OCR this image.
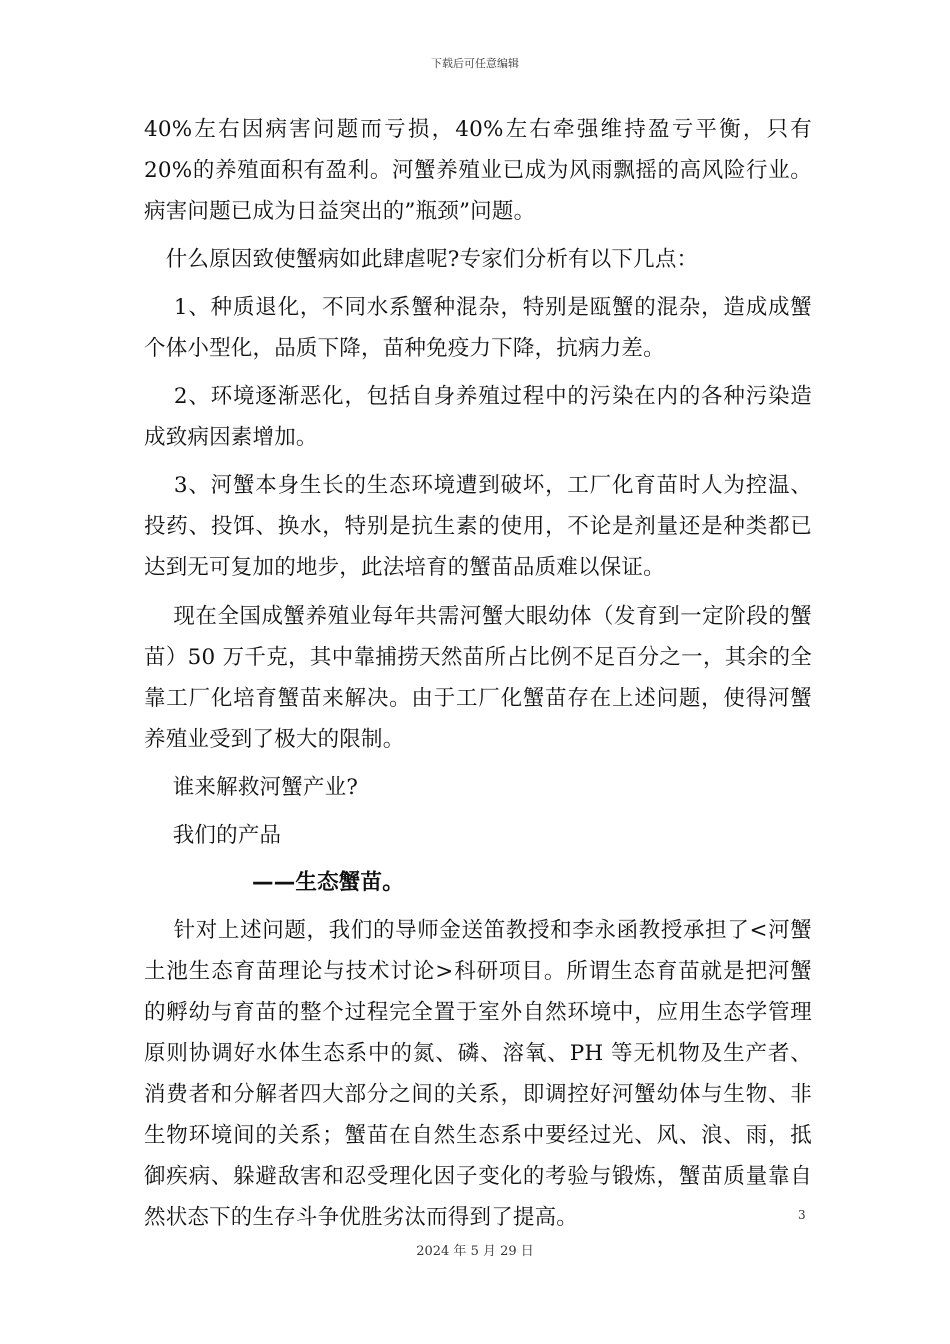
下载后可任意编辑

40%左右因病害问题而亏损，40%左右牵强维持盈亏平衡，只有 20%的养殖面积有盈利。河蟹养殖业已成为风雨飘摇的高风险行业。病害问题已成为日益突出的”瓶颈”问题。

　什么原因致使蟹病如此肆虐呢?专家们分析有以下几点：

　 1、种质退化，不同水系蟹种混杂，特别是瓯蟹的混杂，造成成蟹个体小型化，品质下降，苗种免疫力下降，抗病力差。

　 2、环境逐渐恶化，包括自身养殖过程中的污染在内的各种污染造成致病因素增加。

　 3、河蟹本身生长的生态环境遭到破坏，工厂化育苗时人为控温、投药、投饵、换水，特别是抗生素的使用，不论是剂量还是种类都已达到无可复加的地步，此法培育的蟹苗品质难以保证。

　 现在全国成蟹养殖业每年共需河蟹大眼幼体（发育到一定阶段的蟹苗）50 万千克，其中靠捕捞天然苗所占比例不足百分之一，其余的全靠工厂化培育蟹苗来解决。由于工厂化蟹苗存在上述问题，使得河蟹养殖业受到了极大的限制。

　 谁来解救河蟹产业?

　 我们的产品

——生态蟹苗。

　 针对上述问题，我们的导师金送笛教授和李永函教授承担了<河蟹土池生态育苗理论与技术讨论>科研项目。所谓生态育苗就是把河蟹的孵幼与育苗的整个过程完全置于室外自然环境中，应用生态学管理原则协调好水体生态系中的氮、磷、溶氧、PH 等无机物及生产者、消费者和分解者四大部分之间的关系，即调控好河蟹幼体与生物、非生物环境间的关系；蟹苗在自然生态系中要经过光、风、浪、雨，抵御疾病、躲避敌害和忍受理化因子变化的考验与锻炼，蟹苗质量靠自然状态下的生存斗争优胜劣汰而得到了提高。	3
2024 年 5 月 29 日
